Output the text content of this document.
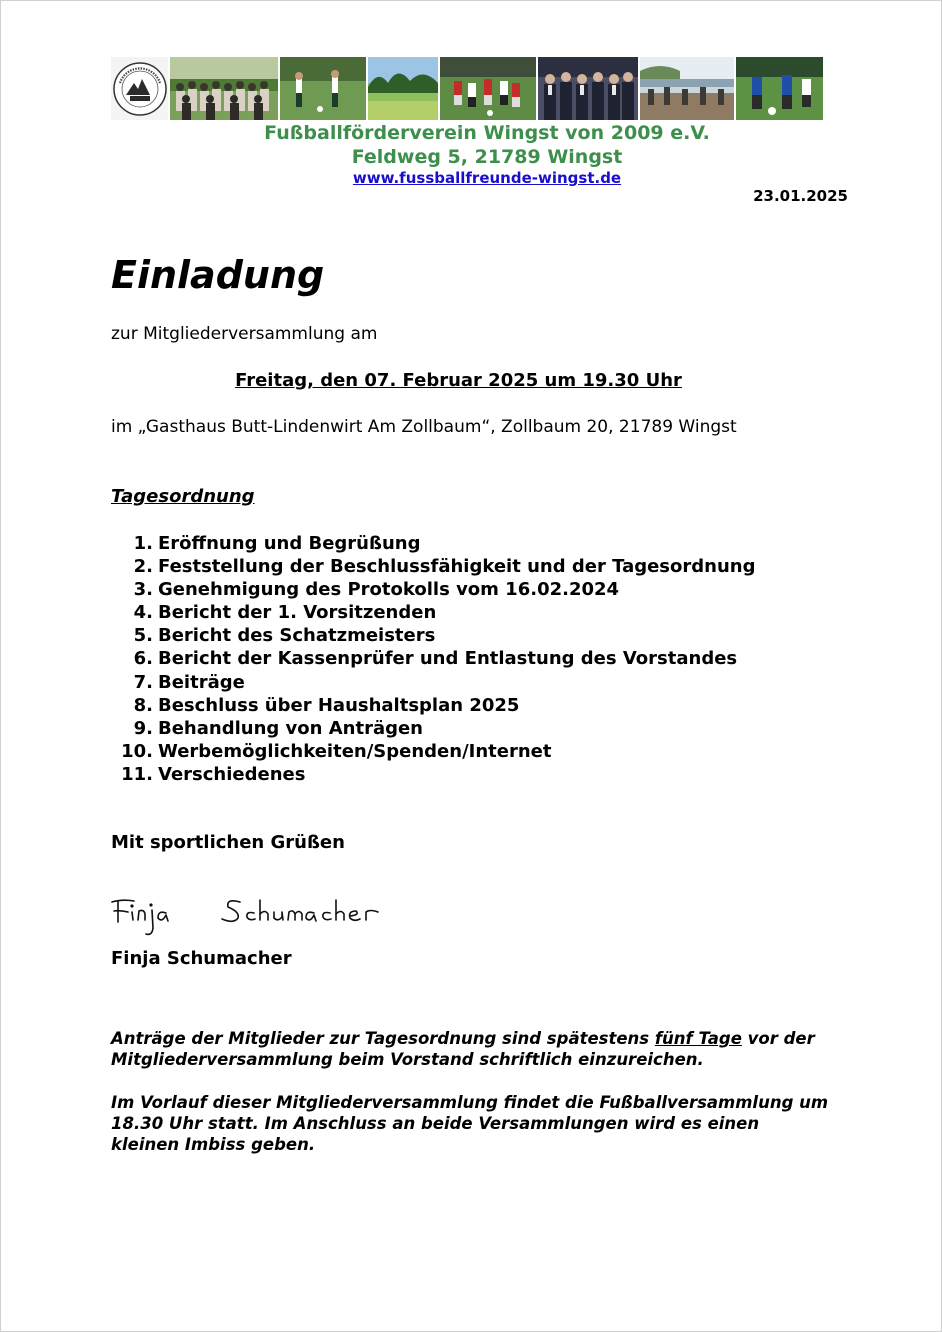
Fußballförderverein Wingst von 2009 e.V.
Feldweg 5, 21789 Wingst
www.fussballfreunde-wingst.de
23.01.2025
Einladung
zur Mitgliederversammlung am
Freitag, den 07. Februar 2025 um 19.30 Uhr
im „Gasthaus Butt-Lindenwirt Am Zollbaum“, Zollbaum 20, 21789 Wingst
Tagesordnung
1. Eröffnung und Begrüßung
2. Feststellung der Beschlussfähigkeit und der Tagesordnung
3. Genehmigung des Protokolls vom 16.02.2024
4. Bericht der 1. Vorsitzenden
5. Bericht des Schatzmeisters
6. Bericht der Kassenprüfer und Entlastung des Vorstandes
7. Beiträge
8. Beschluss über Haushaltsplan 2025
9. Behandlung von Anträgen
10. Werbemöglichkeiten/Spenden/Internet
11. Verschiedenes
Mit sportlichen Grüßen
Finja Schumacher
Anträge der Mitglieder zur Tagesordnung sind spätestens fünf Tage vor der Mitgliederversammlung beim Vorstand schriftlich einzureichen.
Im Vorlauf dieser Mitgliederversammlung findet die Fußballversammlung um 18.30 Uhr statt. Im Anschluss an beide Versammlungen wird es einen kleinen Imbiss geben.
